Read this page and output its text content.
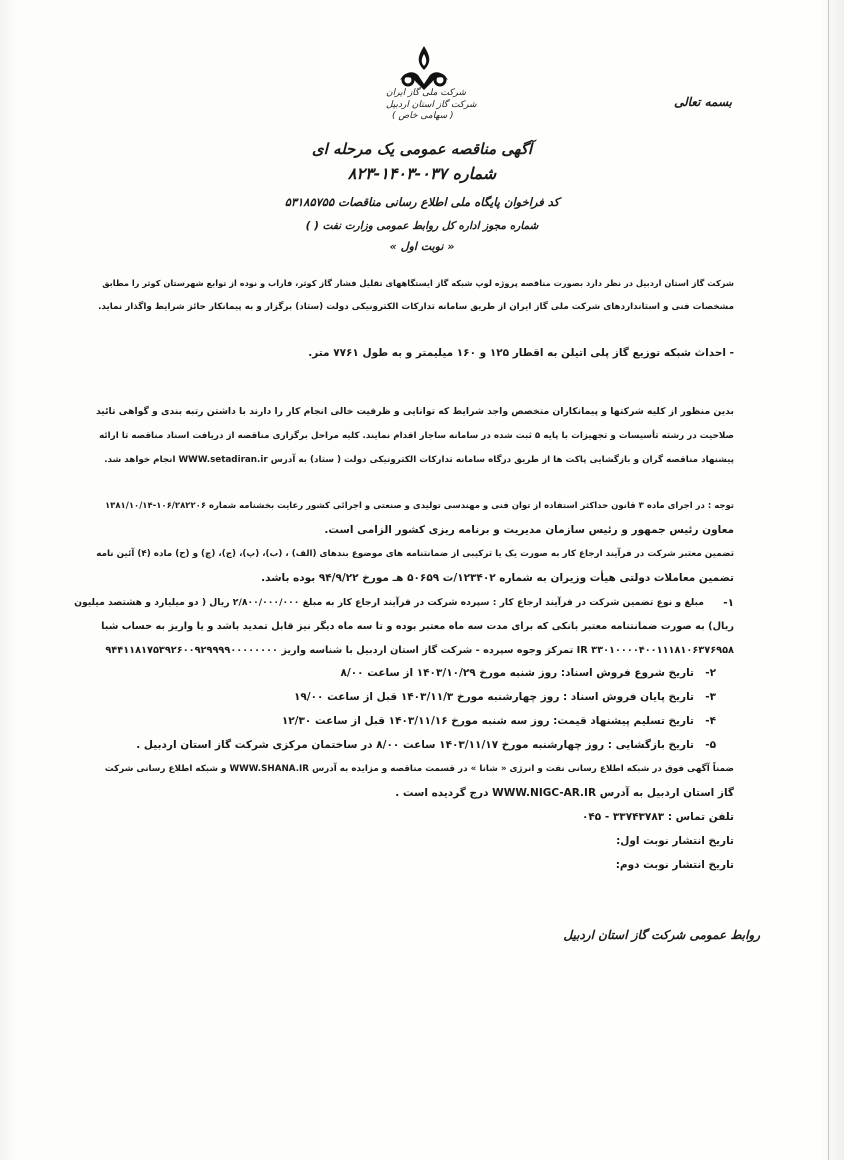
شرکت ملی گاز ایران
شرکت گاز استان اردبیل
( سهامی خاص )
بسمه تعالی
آگهی مناقصه عمومی یک مرحله ای
شماره ۰۳۷-۱۴۰۳-۸۲۳
کد فراخوان پایگاه ملی اطلاع رسانی مناقصات ۵۳۱۸۵۷۵۵
شماره مجوز اداره کل روابط عمومی وزارت نفت ( )
« نوبت اول »
شرکت گاز استان اردبیل در نظر دارد بصورت مناقصه پروژه لوپ شبکه گاز ایستگاههای تقلیل فشار گاز کوثر، فاراب و نوده از توابع شهرستان کوثر را مطابق
مشخصات فنی و استانداردهای شرکت ملی گاز ایران از طریق سامانه تدارکات الکترونیکی دولت (ستاد) برگزار و به پیمانکار حائز شرایط واگذار نماید.
- احداث شبکه توزیع گاز پلی اتیلن به اقطار ۱۲۵ و ۱۶۰ میلیمتر و به طول ۷۷۶۱ متر.
بدین منظور از کلیه شرکتها و پیمانکاران متخصص واجد شرایط که توانایی و ظرفیت خالی انجام کار را دارند با داشتن رتبه بندی و گواهی تائید
صلاحیت در رشته تأسیسات و تجهیزات با پایه ۵ ثبت شده در سامانه ساجار اقدام نمایند. کلیه مراحل برگزاری مناقصه از دریافت اسناد مناقصه تا ارائه
پیشنهاد مناقصه گران و بازگشایی پاکت ها از طریق درگاه سامانه تدارکات الکترونیکی دولت ( ستاد) به آدرس WWW.setadiran.ir انجام خواهد شد.
توجه : در اجرای ماده ۳ قانون حداکثر استفاده از توان فنی و مهندسی تولیدی و صنعتی و اجرائی کشور رعایت بخشنامه شماره ۱۰۶/۲۸۲۲۰۶-۱۳۸۱/۱۰/۱۴
معاون رئیس جمهور و رئیس سازمان مدیریت و برنامه ریزی کشور الزامی است.
تضمین معتبر شرکت در فرآیند ارجاع کار به صورت یک یا ترکیبی از ضمانتنامه های موضوع بندهای (الف) ، (ب)، (پ)، (ج)، (چ) و (ح) ماده (۴) آئین نامه
تضمین معاملات دولتی هیأت وزیران به شماره ۱۲۳۴۰۲/ت ۵۰۶۵۹ هـ مورخ ۹۴/۹/۲۲ بوده باشد.
۱-
مبلغ و نوع تضمین شرکت در فرآیند ارجاع کار : سپرده شرکت در فرآیند ارجاع کار به مبلغ ۲/۸۰۰/۰۰۰/۰۰۰ ریال ( دو میلیارد و هشتصد میلیون
ریال) به صورت ضمانتنامه معتبر بانکی که برای مدت سه ماه معتبر بوده و تا سه ماه دیگر نیز قابل تمدید باشد و یا واریز به حساب شبا
IR ۳۳۰۱۰۰۰۰۴۰۰۱۱۱۸۱۰۶۳۷۶۹۵۸ تمرکز وجوه سپرده - شرکت گاز استان اردبیل با شناسه واریز ۹۴۴۱۱۸۱۷۵۳۹۲۶۰۰۹۲۹۹۹۹۰۰۰۰۰۰۰۰
۲-
تاریخ شروع فروش اسناد: روز شنبه مورخ ۱۴۰۳/۱۰/۲۹ از ساعت ۸/۰۰
۳-
تاریخ پایان فروش اسناد : روز چهارشنبه مورخ ۱۴۰۳/۱۱/۳ قبل از ساعت ۱۹/۰۰
۴-
تاریخ تسلیم پیشنهاد قیمت: روز سه شنبه مورخ ۱۴۰۳/۱۱/۱۶ قبل از ساعت ۱۲/۳۰
۵-
تاریخ بازگشایی : روز چهارشنبه مورخ ۱۴۰۳/۱۱/۱۷ ساعت ۸/۰۰ در ساختمان مرکزی شرکت گاز استان اردبیل .
ضمناً آگهی فوق در شبکه اطلاع رسانی نفت و انرژی « شانا » در قسمت مناقصه و مزایده به آدرس WWW.SHANA.IR و شبکه اطلاع رسانی شرکت
گاز استان اردبیل به آدرس WWW.NIGC-AR.IR درج گردیده است .
تلفن تماس : ۳۳۷۴۳۷۸۳ - ۰۴۵
تاریخ انتشار نوبت اول:
تاریخ انتشار نوبت دوم:
روابط عمومی شرکت گاز استان اردبیل
